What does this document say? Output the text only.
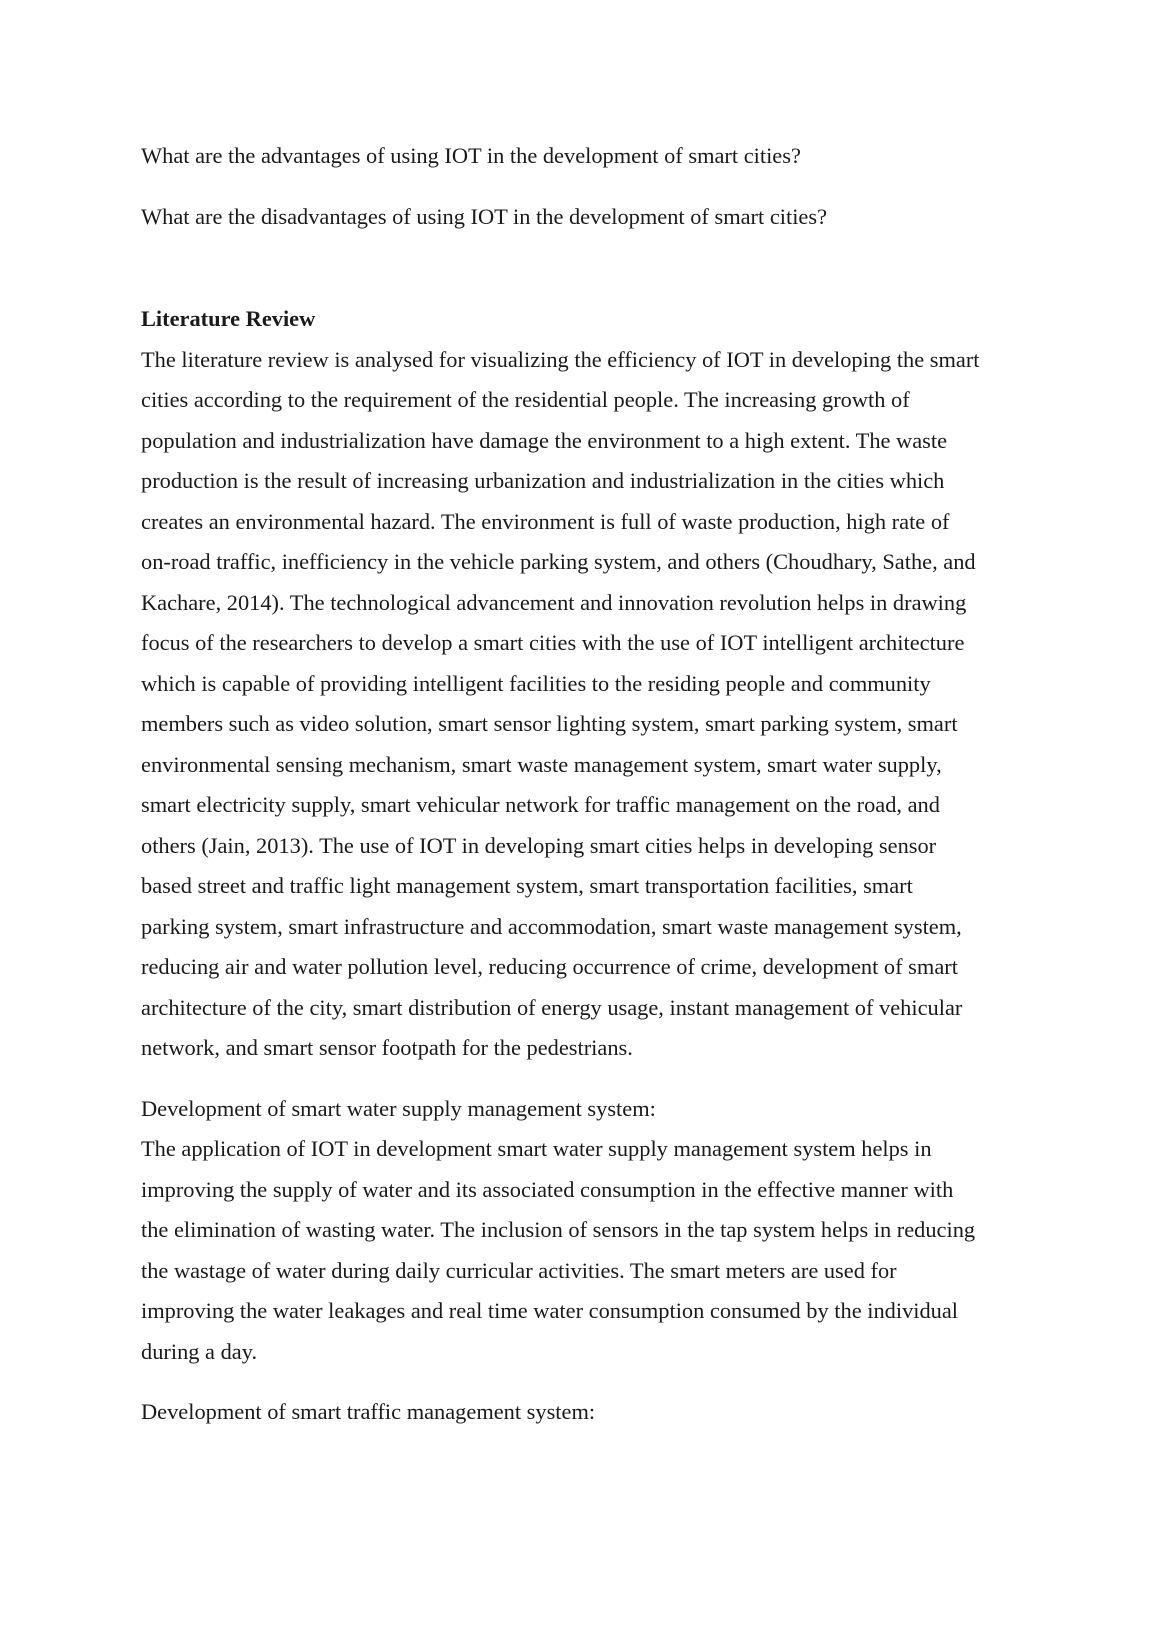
What are the advantages of using IOT in the development of smart cities?

What are the disadvantages of using IOT in the development of smart cities?

Literature Review

The literature review is analysed for visualizing the efficiency of IOT in developing the smart

cities according to the requirement of the residential people. The increasing growth of

population and industrialization have damage the environment to a high extent. The waste

production is the result of increasing urbanization and industrialization in the cities which

creates an environmental hazard. The environment is full of waste production, high rate of

on-road traffic, inefficiency in the vehicle parking system, and others (Choudhary, Sathe, and

Kachare, 2014). The technological advancement and innovation revolution helps in drawing

focus of the researchers to develop a smart cities with the use of IOT intelligent architecture

which is capable of providing intelligent facilities to the residing people and community

members such as video solution, smart sensor lighting system, smart parking system, smart

environmental sensing mechanism, smart waste management system, smart water supply,

smart electricity supply, smart vehicular network for traffic management on the road, and

others (Jain, 2013). The use of IOT in developing smart cities helps in developing sensor

based street and traffic light management system, smart transportation facilities, smart

parking system, smart infrastructure and accommodation, smart waste management system,

reducing air and water pollution level, reducing occurrence of crime, development of smart

architecture of the city, smart distribution of energy usage, instant management of vehicular

network, and smart sensor footpath for the pedestrians.

Development of smart water supply management system:

The application of IOT in development smart water supply management system helps in

improving the supply of water and its associated consumption in the effective manner with

the elimination of wasting water. The inclusion of sensors in the tap system helps in reducing

the wastage of water during daily curricular activities. The smart meters are used for

improving the water leakages and real time water consumption consumed by the individual

during a day.

Development of smart traffic management system:
